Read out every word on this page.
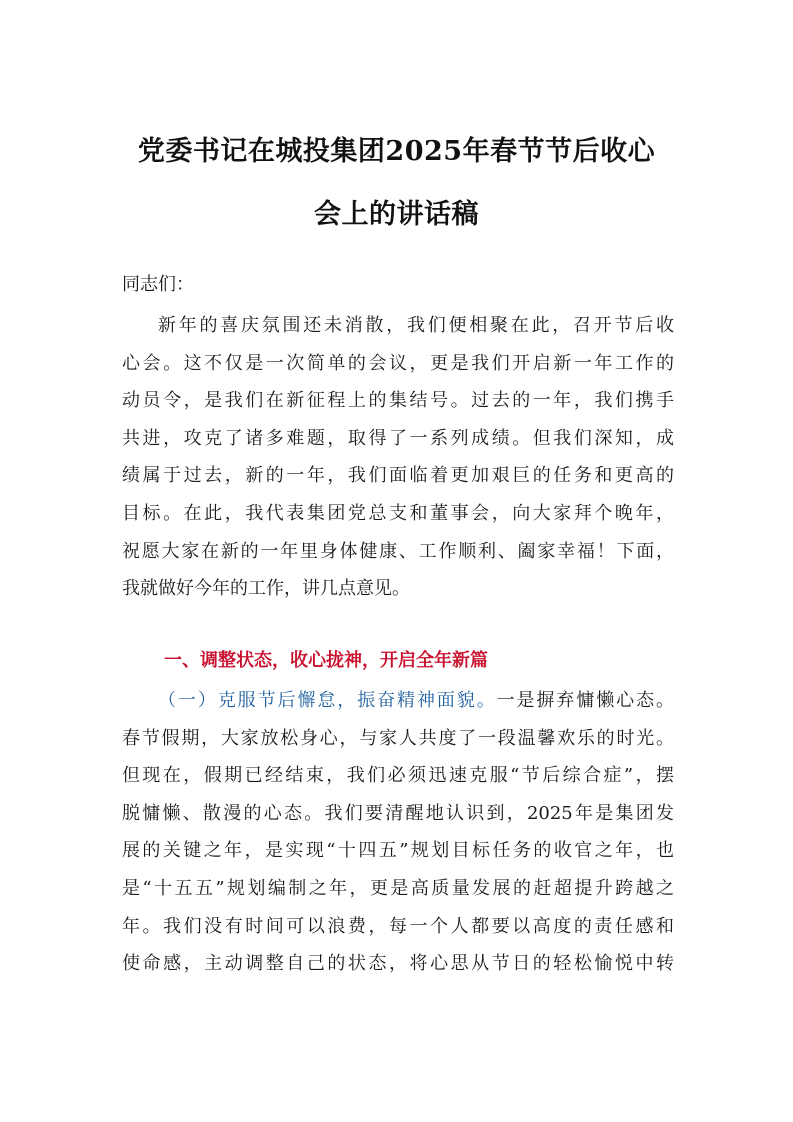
党委书记在城投集团2025年春节节后收心
会上的讲话稿

同志们：

新年的喜庆氛围还未消散，我们便相聚在此，召开节后收
心会。这不仅是一次简单的会议，更是我们开启新一年工作的
动员令，是我们在新征程上的集结号。过去的一年，我们携手
共进，攻克了诸多难题，取得了一系列成绩。但我们深知，成
绩属于过去，新的一年，我们面临着更加艰巨的任务和更高的
目标。在此，我代表集团党总支和董事会，向大家拜个晚年，
祝愿大家在新的一年里身体健康、工作顺利、阖家幸福！下面，
我就做好今年的工作，讲几点意见。

一、调整状态，收心拢神，开启全年新篇

（一）克服节后懈怠，振奋精神面貌。一是摒弃慵懒心态。
春节假期，大家放松身心，与家人共度了一段温馨欢乐的时光。
但现在，假期已经结束，我们必须迅速克服“节后综合症”，摆
脱慵懒、散漫的心态。我们要清醒地认识到，2025年是集团发
展的关键之年，是实现“十四五”规划目标任务的收官之年，也
是“十五五”规划编制之年，更是高质量发展的赶超提升跨越之
年。我们没有时间可以浪费，每一个人都要以高度的责任感和
使命感，主动调整自己的状态，将心思从节日的轻松愉悦中转
